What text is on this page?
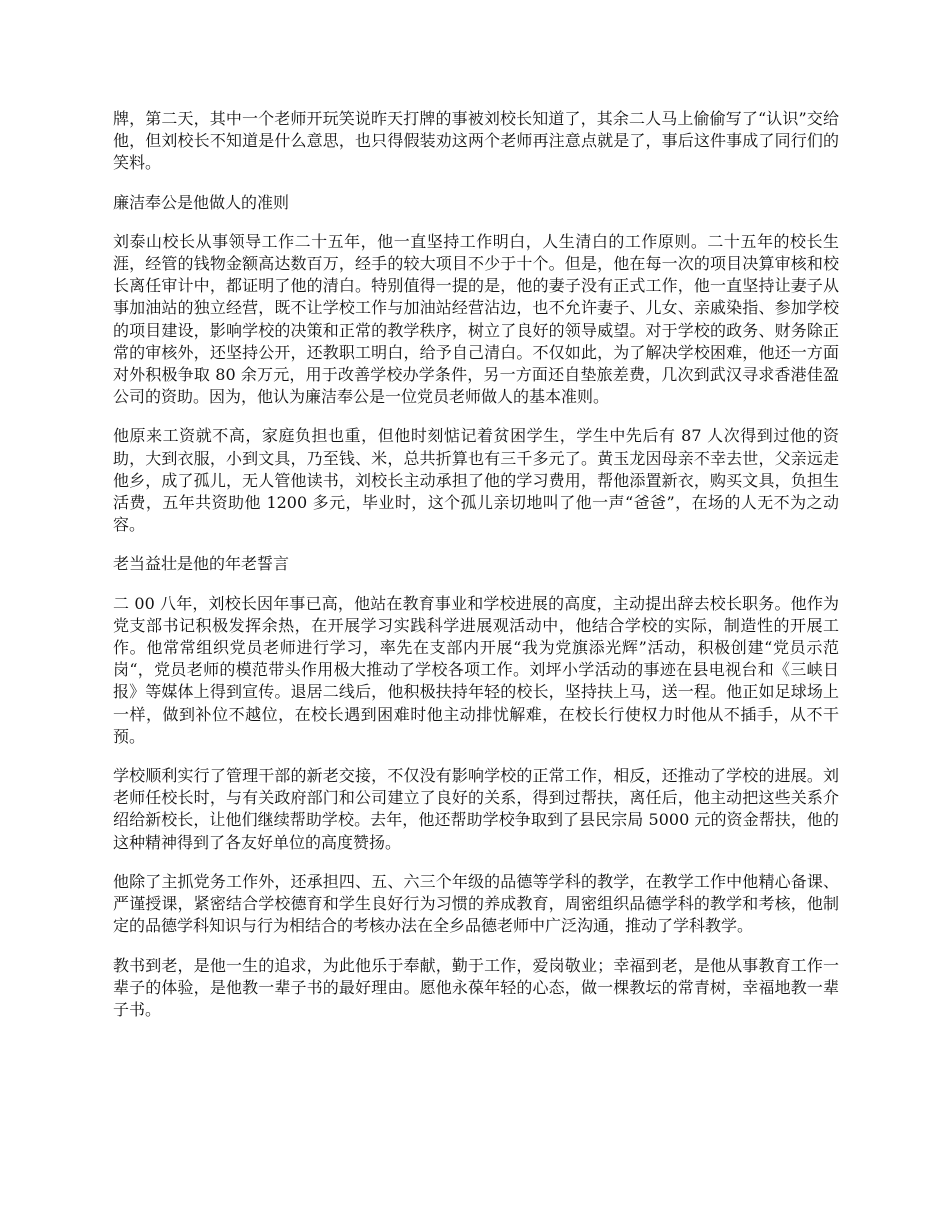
牌，第二天，其中一个老师开玩笑说昨天打牌的事被刘校长知道了，其余二人马上偷偷写了“认识”交给他，但刘校长不知道是什么意思，也只得假装劝这两个老师再注意点就是了，事后这件事成了同行们的笑料。

廉洁奉公是他做人的准则

刘泰山校长从事领导工作二十五年，他一直坚持工作明白，人生清白的工作原则。二十五年的校长生涯，经管的钱物金额高达数百万，经手的较大项目不少于十个。但是，他在每一次的项目决算审核和校长离任审计中，都证明了他的清白。特别值得一提的是，他的妻子没有正式工作，他一直坚持让妻子从事加油站的独立经营，既不让学校工作与加油站经营沾边，也不允许妻子、儿女、亲戚染指、参加学校的项目建设，影响学校的决策和正常的教学秩序，树立了良好的领导威望。对于学校的政务、财务除正常的审核外，还坚持公开，还教职工明白，给予自己清白。不仅如此，为了解决学校困难，他还一方面对外积极争取 80 余万元，用于改善学校办学条件，另一方面还自垫旅差费，几次到武汉寻求香港佳盈公司的资助。因为，他认为廉洁奉公是一位党员老师做人的基本准则。

他原来工资就不高，家庭负担也重，但他时刻惦记着贫困学生，学生中先后有 87 人次得到过他的资助，大到衣服，小到文具，乃至钱、米，总共折算也有三千多元了。黄玉龙因母亲不幸去世，父亲远走他乡，成了孤儿，无人管他读书，刘校长主动承担了他的学习费用，帮他添置新衣，购买文具，负担生活费，五年共资助他 1200 多元，毕业时，这个孤儿亲切地叫了他一声“爸爸”，在场的人无不为之动容。

老当益壮是他的年老誓言

二 00 八年，刘校长因年事已高，他站在教育事业和学校进展的高度，主动提出辞去校长职务。他作为党支部书记积极发挥余热，在开展学习实践科学进展观活动中，他结合学校的实际，制造性的开展工作。他常常组织党员老师进行学习，率先在支部内开展“我为党旗添光辉”活动，积极创建“党员示范岗“，党员老师的模范带头作用极大推动了学校各项工作。刘坪小学活动的事迹在县电视台和《三峡日报》等媒体上得到宣传。退居二线后，他积极扶持年轻的校长，坚持扶上马，送一程。他正如足球场上一样，做到补位不越位，在校长遇到困难时他主动排忧解难，在校长行使权力时他从不插手，从不干预。

学校顺利实行了管理干部的新老交接，不仅没有影响学校的正常工作，相反，还推动了学校的进展。刘老师任校长时，与有关政府部门和公司建立了良好的关系，得到过帮扶，离任后，他主动把这些关系介绍给新校长，让他们继续帮助学校。去年，他还帮助学校争取到了县民宗局 5000 元的资金帮扶，他的这种精神得到了各友好单位的高度赞扬。

他除了主抓党务工作外，还承担四、五、六三个年级的品德等学科的教学，在教学工作中他精心备课、严谨授课，紧密结合学校德育和学生良好行为习惯的养成教育，周密组织品德学科的教学和考核，他制定的品德学科知识与行为相结合的考核办法在全乡品德老师中广泛沟通，推动了学科教学。

教书到老，是他一生的追求，为此他乐于奉献，勤于工作，爱岗敬业；幸福到老，是他从事教育工作一辈子的体验，是他教一辈子书的最好理由。愿他永葆年轻的心态，做一棵教坛的常青树，幸福地教一辈子书。
